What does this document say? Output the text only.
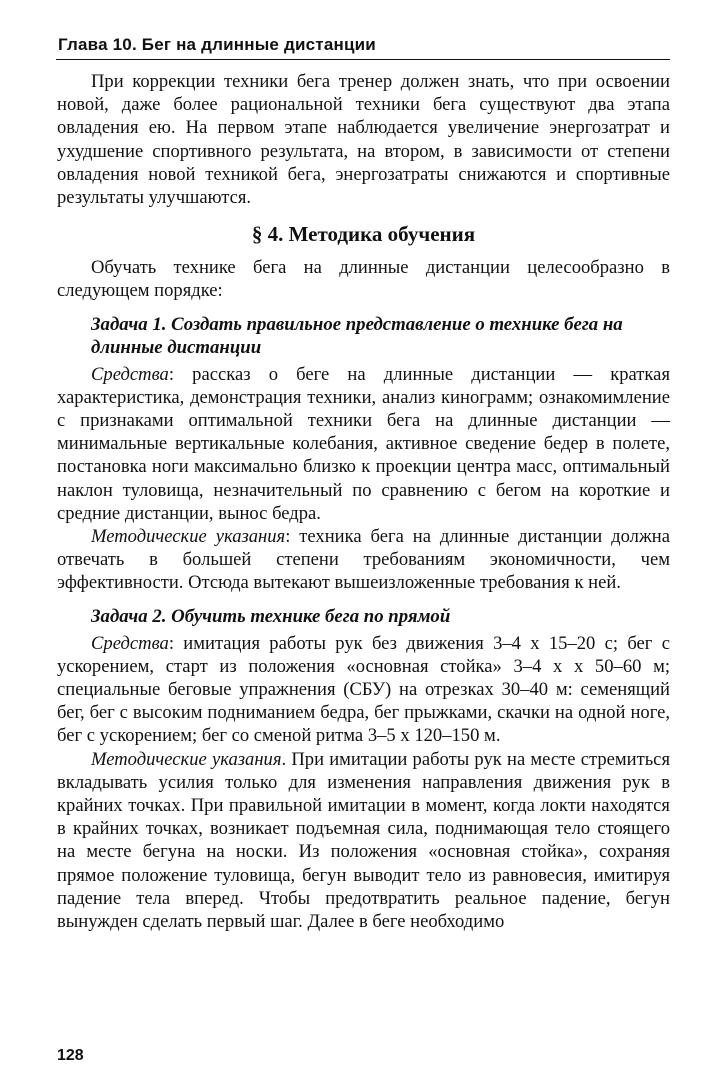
Глава 10. Бег на длинные дистанции

При коррекции техники бега тренер должен знать, что при освоении новой, даже более рациональной техники бега существуют два этапа овладения ею. На первом этапе наблюдается увеличение энергозатрат и ухудшение спортивного результата, на втором, в зависимости от степени овладения новой техникой бега, энергозатраты снижаются и спортивные результаты улучшаются.

§ 4. Методика обучения

Обучать технике бега на длинные дистанции целесообразно в следующем порядке:

Задача 1. Создать правильное представление о технике бега на длинные дистанции

Средства: рассказ о беге на длинные дистанции — краткая характеристика, демонстрация техники, анализ кинограмм; ознакомимление с признаками оптимальной техники бега на длинные дистанции — минимальные вертикальные колебания, активное сведение бедер в полете, постановка ноги максимально близко к проекции центра масс, оптимальный наклон туловища, незначительный по сравнению с бегом на короткие и средние дистанции, вынос бедра.

Методические указания: техника бега на длинные дистанции должна отвечать в большей степени требованиям экономичности, чем эффективности. Отсюда вытекают вышеизложенные требования к ней.

Задача 2. Обучить технике бега по прямой

Средства: имитация работы рук без движения 3–4 х 15–20 с; бег с ускорением, старт из положения «основная стойка» 3–4 х х 50–60 м; специальные беговые упражнения (СБУ) на отрезках 30–40 м: семенящий бег, бег с высоким подниманием бедра, бег прыжками, скачки на одной ноге, бег с ускорением; бег со сменой ритма 3–5 х 120–150 м.

Методические указания. При имитации работы рук на месте стремиться вкладывать усилия только для изменения направления движения рук в крайних точках. При правильной имитации в момент, когда локти находятся в крайних точках, возникает подъемная сила, поднимающая тело стоящего на месте бегуна на носки. Из положения «основная стойка», сохраняя прямое положение туловища, бегун выводит тело из равновесия, имитируя падение тела вперед. Чтобы предотвратить реальное падение, бегун вынужден сделать первый шаг. Далее в беге необходимо

128
